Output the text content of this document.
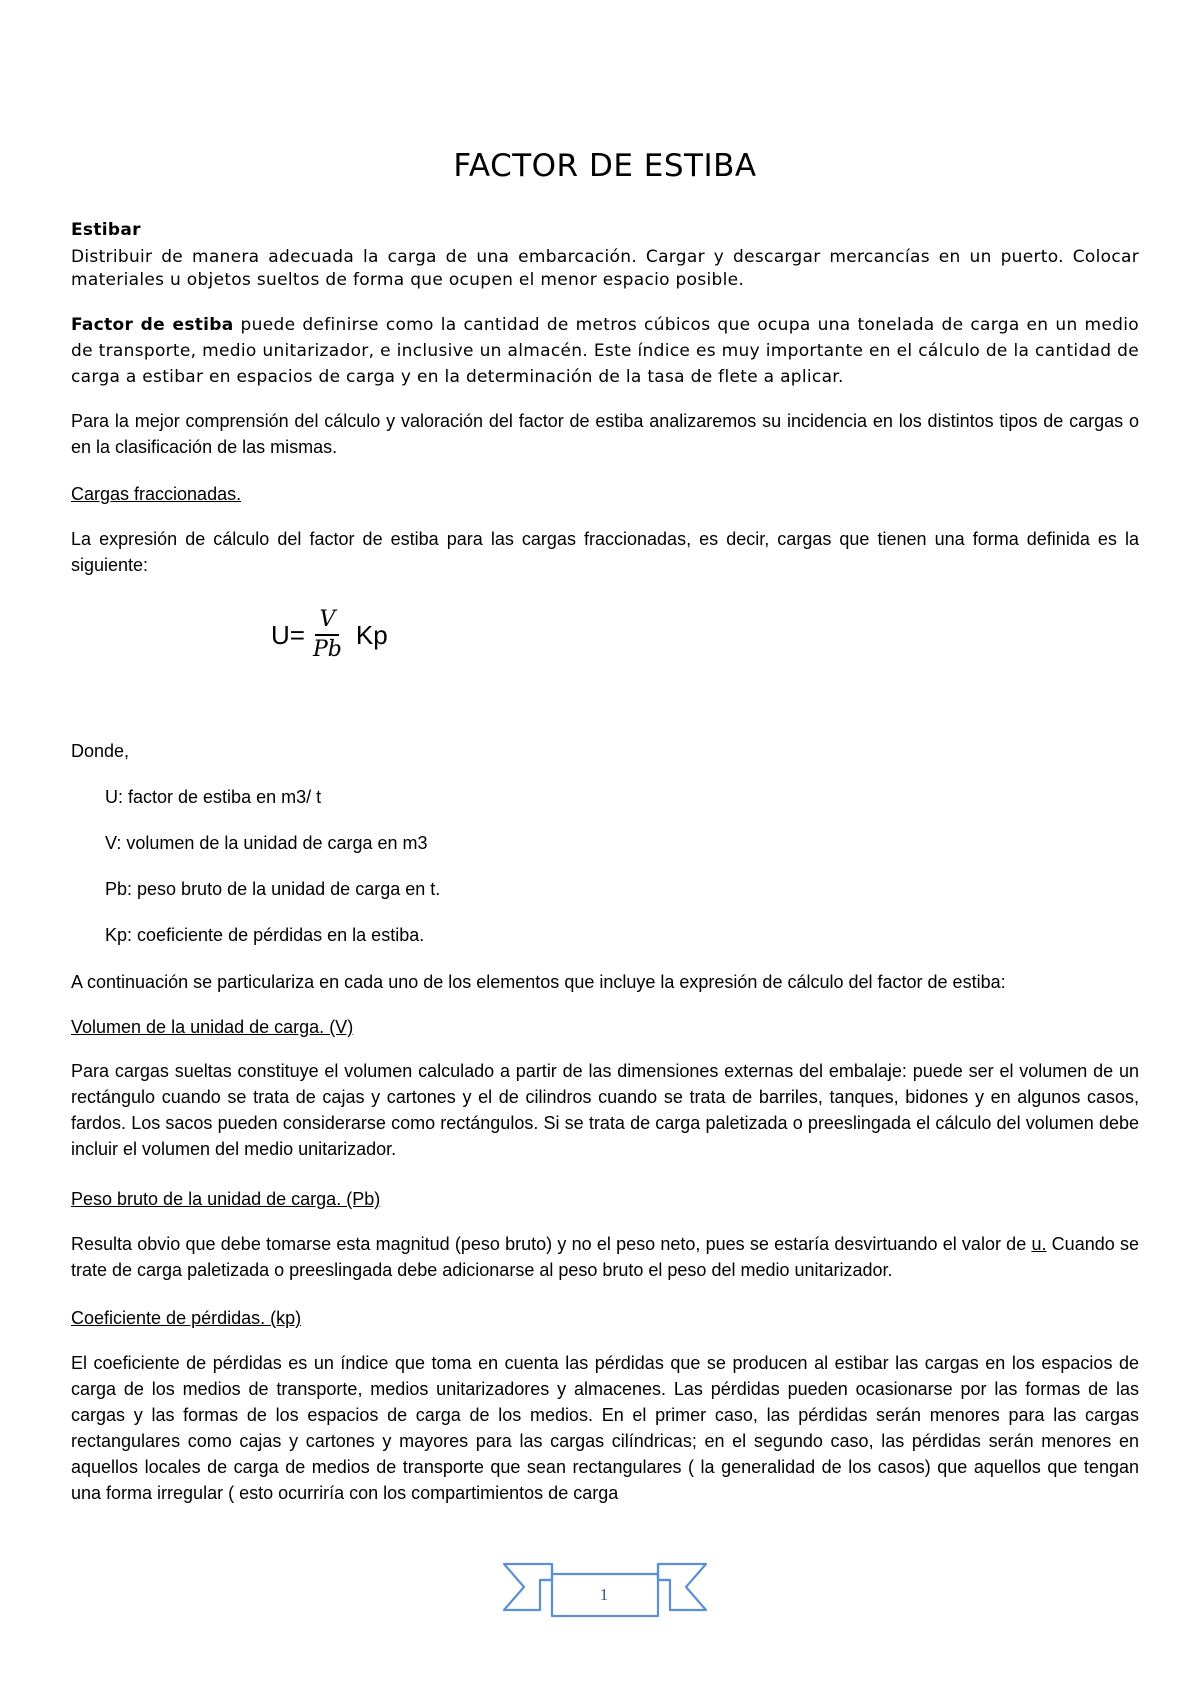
FACTOR DE ESTIBA

Estibar

Distribuir de manera adecuada la carga de una embarcación. Cargar y descargar mercancías en un puerto. Colocar materiales u objetos sueltos de forma que ocupen el menor espacio posible.

Factor de estiba puede definirse como la cantidad de metros cúbicos que ocupa una tonelada de carga en un medio de transporte, medio unitarizador, e inclusive un almacén. Este índice es muy importante en el cálculo de la cantidad de carga a estibar en espacios de carga y en la determinación de la tasa de flete a aplicar.

Para la mejor comprensión del cálculo y valoración del factor de estiba analizaremos su incidencia en los distintos tipos de cargas o en la clasificación de las mismas.

Cargas fraccionadas.

La expresión de cálculo del factor de estiba para las cargas fraccionadas, es decir, cargas que tienen una forma definida es la siguiente:

$U= \frac{V}{Pb}$ Kp

Donde,

U: factor de estiba en m3/ t

V: volumen de la unidad de carga en m3

Pb: peso bruto de la unidad de carga en t.

Kp: coeficiente de pérdidas en la estiba.

A continuación se particulariza en cada uno de los elementos que incluye la expresión de cálculo del factor de estiba:

Volumen de la unidad de carga. (V)

Para cargas sueltas constituye el volumen calculado a partir de las dimensiones externas del embalaje: puede ser el volumen de un rectángulo cuando se trata de cajas y cartones y el de cilindros cuando se trata de barriles, tanques, bidones y en algunos casos, fardos. Los sacos pueden considerarse como rectángulos. Si se trata de carga paletizada o preeslingada el cálculo del volumen debe incluir el volumen del medio unitarizador.

Peso bruto de la unidad de carga. (Pb)

Resulta obvio que debe tomarse esta magnitud (peso bruto) y no el peso neto, pues se estaría desvirtuando el valor de u. Cuando se trate de carga paletizada o preeslingada debe adicionarse al peso bruto el peso del medio unitarizador.

Coeficiente de pérdidas. (kp)

El coeficiente de pérdidas es un índice que toma en cuenta las pérdidas que se producen al estibar las cargas en los espacios de carga de los medios de transporte, medios unitarizadores y almacenes. Las pérdidas pueden ocasionarse por las formas de las cargas y las formas de los espacios de carga de los medios. En el primer caso, las pérdidas serán menores para las cargas rectangulares como cajas y cartones y mayores para las cargas cilíndricas; en el segundo caso, las pérdidas serán menores en aquellos locales de carga de medios de transporte que sean rectangulares ( la generalidad de los casos) que aquellos que tengan una forma irregular ( esto ocurriría con los compartimientos de carga

1
